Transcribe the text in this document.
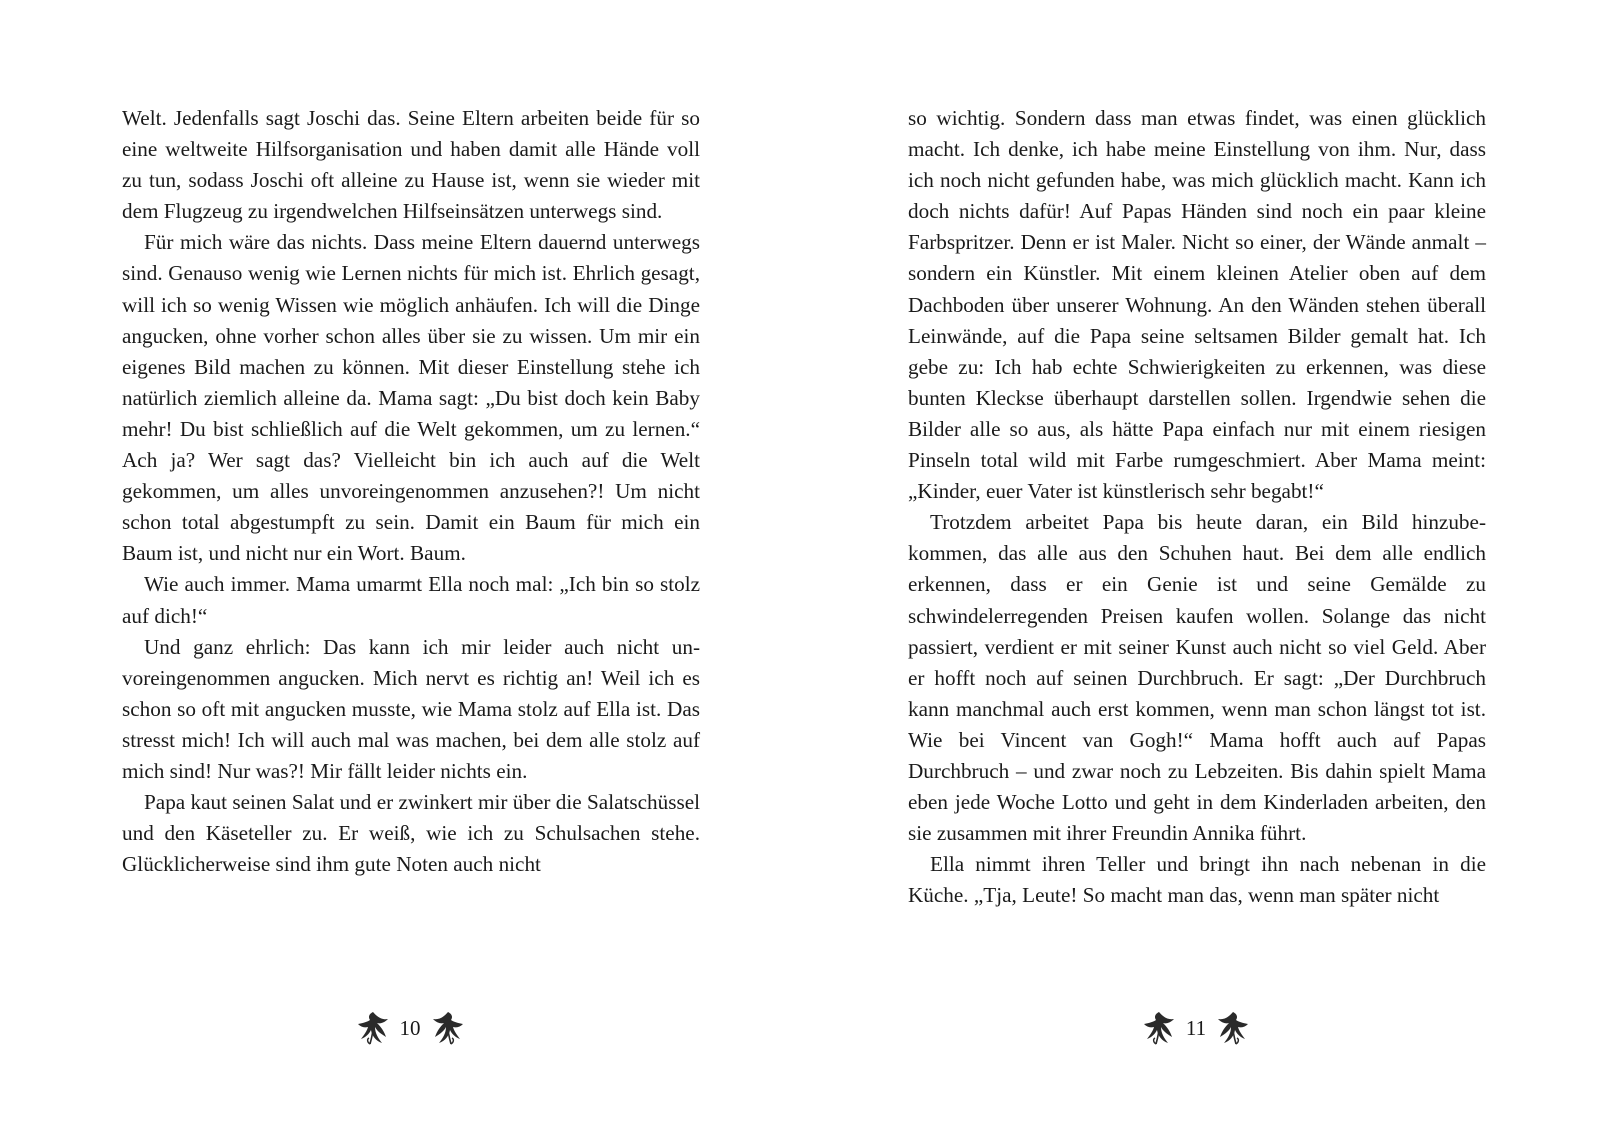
Welt. Jedenfalls sagt Joschi das. Seine Eltern arbeiten beide für so eine weltweite Hilfsorganisation und haben damit alle Hände voll zu tun, sodass Joschi oft alleine zu Hause ist, wenn sie wieder mit dem Flugzeug zu irgendwelchen Hilfseinsätzen unterwegs sind.

Für mich wäre das nichts. Dass meine Eltern dauernd unterwegs sind. Genauso wenig wie Lernen nichts für mich ist. Ehrlich gesagt, will ich so wenig Wissen wie möglich anhäufen. Ich will die Dinge angucken, ohne vorher schon alles über sie zu wissen. Um mir ein eigenes Bild machen zu können. Mit dieser Einstellung stehe ich natürlich ziemlich alleine da. Mama sagt: „Du bist doch kein Baby mehr! Du bist schließlich auf die Welt gekommen, um zu lernen.“ Ach ja? Wer sagt das? Vielleicht bin ich auch auf die Welt gekommen, um alles unvoreingenommen anzusehen?! Um nicht schon total abgestumpft zu sein. Damit ein Baum für mich ein Baum ist, und nicht nur ein Wort. Baum.

Wie auch immer. Mama umarmt Ella noch mal: „Ich bin so stolz auf dich!“

Und ganz ehrlich: Das kann ich mir leider auch nicht unvoreingenommen angucken. Mich nervt es richtig an! Weil ich es schon so oft mit angucken musste, wie Mama stolz auf Ella ist. Das stresst mich! Ich will auch mal was machen, bei dem alle stolz auf mich sind! Nur was?! Mir fällt leider nichts ein.

Papa kaut seinen Salat und er zwinkert mir über die Salatschüssel und den Käseteller zu. Er weiß, wie ich zu Schulsachen stehe. Glücklicherweise sind ihm gute Noten auch nicht

so wichtig. Sondern dass man etwas findet, was einen glücklich macht. Ich denke, ich habe meine Einstellung von ihm. Nur, dass ich noch nicht gefunden habe, was mich glücklich macht. Kann ich doch nichts dafür! Auf Papas Händen sind noch ein paar kleine Farbspritzer. Denn er ist Maler. Nicht so einer, der Wände anmalt – sondern ein Künstler. Mit einem kleinen Atelier oben auf dem Dachboden über unserer Wohnung. An den Wänden stehen überall Leinwände, auf die Papa seine seltsamen Bilder gemalt hat. Ich gebe zu: Ich hab echte Schwierigkeiten zu erkennen, was diese bunten Kleckse überhaupt darstellen sollen. Irgendwie sehen die Bilder alle so aus, als hätte Papa einfach nur mit einem riesigen Pinseln total wild mit Farbe rumgeschmiert. Aber Mama meint: „Kinder, euer Vater ist künstlerisch sehr begabt!“

Trotzdem arbeitet Papa bis heute daran, ein Bild hinzubekommen, das alle aus den Schuhen haut. Bei dem alle endlich erkennen, dass er ein Genie ist und seine Gemälde zu schwindelerregenden Preisen kaufen wollen. Solange das nicht passiert, verdient er mit seiner Kunst auch nicht so viel Geld. Aber er hofft noch auf seinen Durchbruch. Er sagt: „Der Durchbruch kann manchmal auch erst kommen, wenn man schon längst tot ist. Wie bei Vincent van Gogh!“ Mama hofft auch auf Papas Durchbruch – und zwar noch zu Lebzeiten. Bis dahin spielt Mama eben jede Woche Lotto und geht in dem Kinderladen arbeiten, den sie zusammen mit ihrer Freundin Annika führt.

Ella nimmt ihren Teller und bringt ihn nach nebenan in die Küche. „Tja, Leute! So macht man das, wenn man später nicht

10	11
